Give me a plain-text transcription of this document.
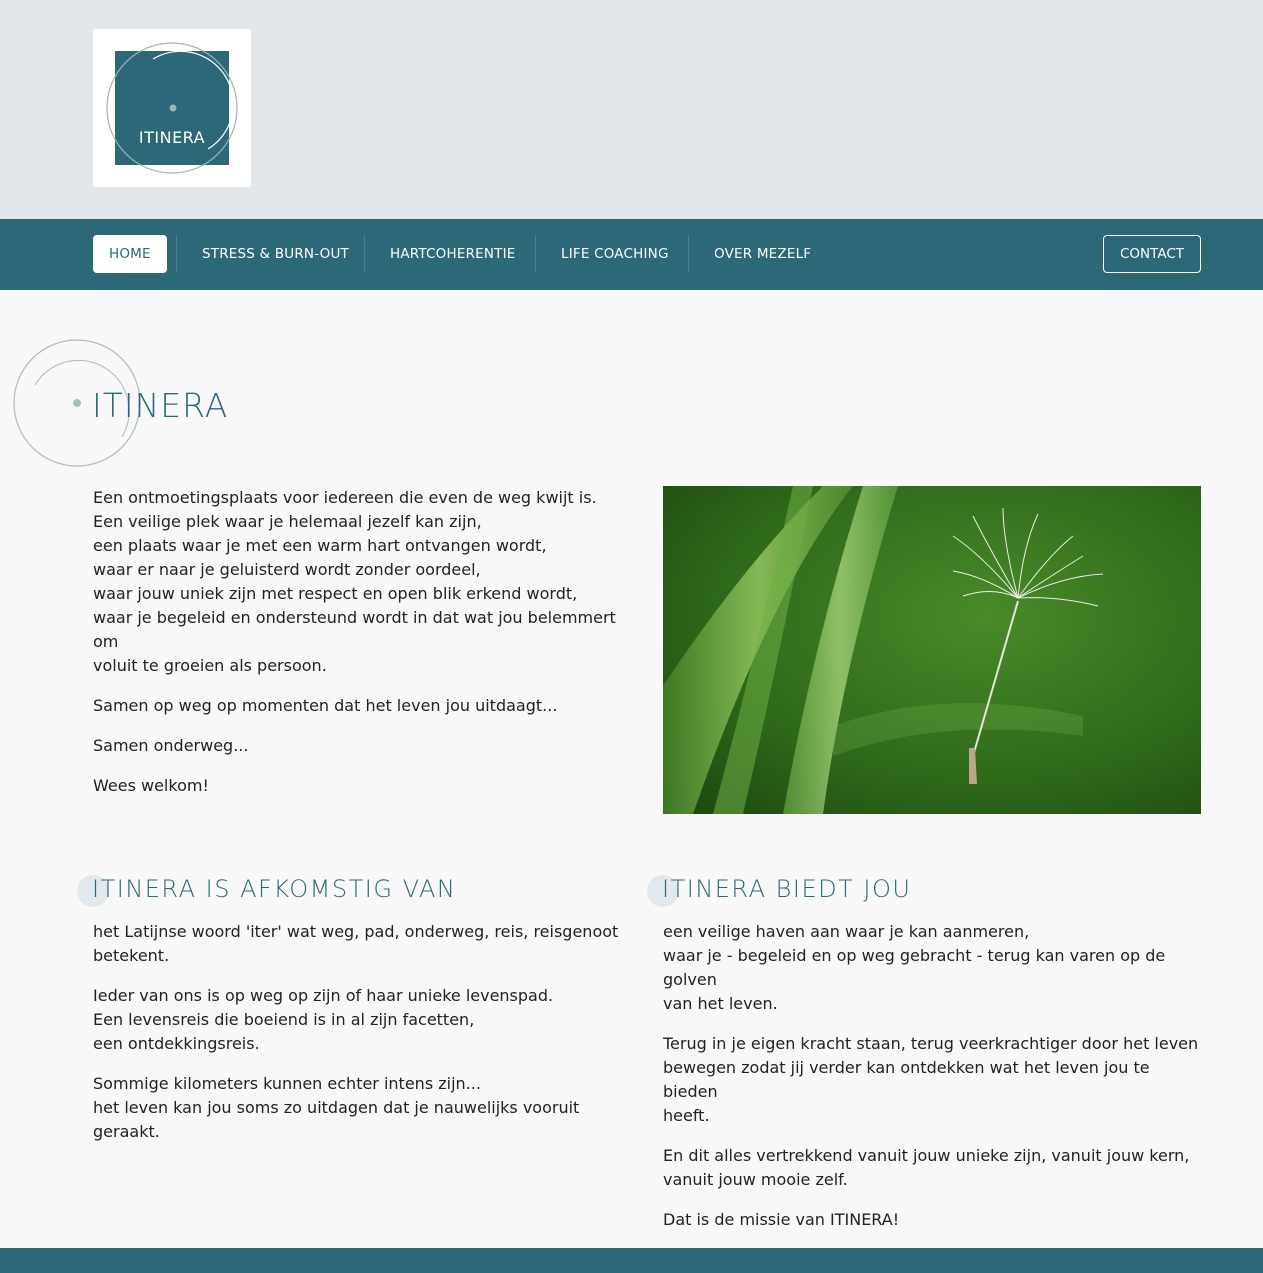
ITINERA
HOME	STRESS & BURN-OUT	HARTCOHERENTIE	LIFE COACHING	OVER MEZELF	CONTACT
ITINERA

Een ontmoetingsplaats voor iedereen die even de weg kwijt is.
Een veilige plek waar je helemaal jezelf kan zijn,
een plaats waar je met een warm hart ontvangen wordt,
waar er naar je geluisterd wordt zonder oordeel,
waar jouw uniek zijn met respect en open blik erkend wordt,
waar je begeleid en ondersteund wordt in dat wat jou belemmert om
voluit te groeien als persoon.

Samen op weg op momenten dat het leven jou uitdaagt...

Samen onderweg...

Wees welkom!

ITINERA IS AFKOMSTIG VAN

het Latijnse woord 'iter' wat weg, pad, onderweg, reis, reisgenoot
betekent.

Ieder van ons is op weg op zijn of haar unieke levenspad.
Een levensreis die boeiend is in al zijn facetten,
een ontdekkingsreis.

Sommige kilometers kunnen echter intens zijn...
het leven kan jou soms zo uitdagen dat je nauwelijks vooruit geraakt.

ITINERA BIEDT JOU

een veilige haven aan waar je kan aanmeren,
waar je - begeleid en op weg gebracht - terug kan varen op de golven
van het leven.

Terug in je eigen kracht staan, terug veerkrachtiger door het leven
bewegen zodat jij verder kan ontdekken wat het leven jou te bieden
heeft.

En dit alles vertrekkend vanuit jouw unieke zijn, vanuit jouw kern,
vanuit jouw mooie zelf.

Dat is de missie van ITINERA!
